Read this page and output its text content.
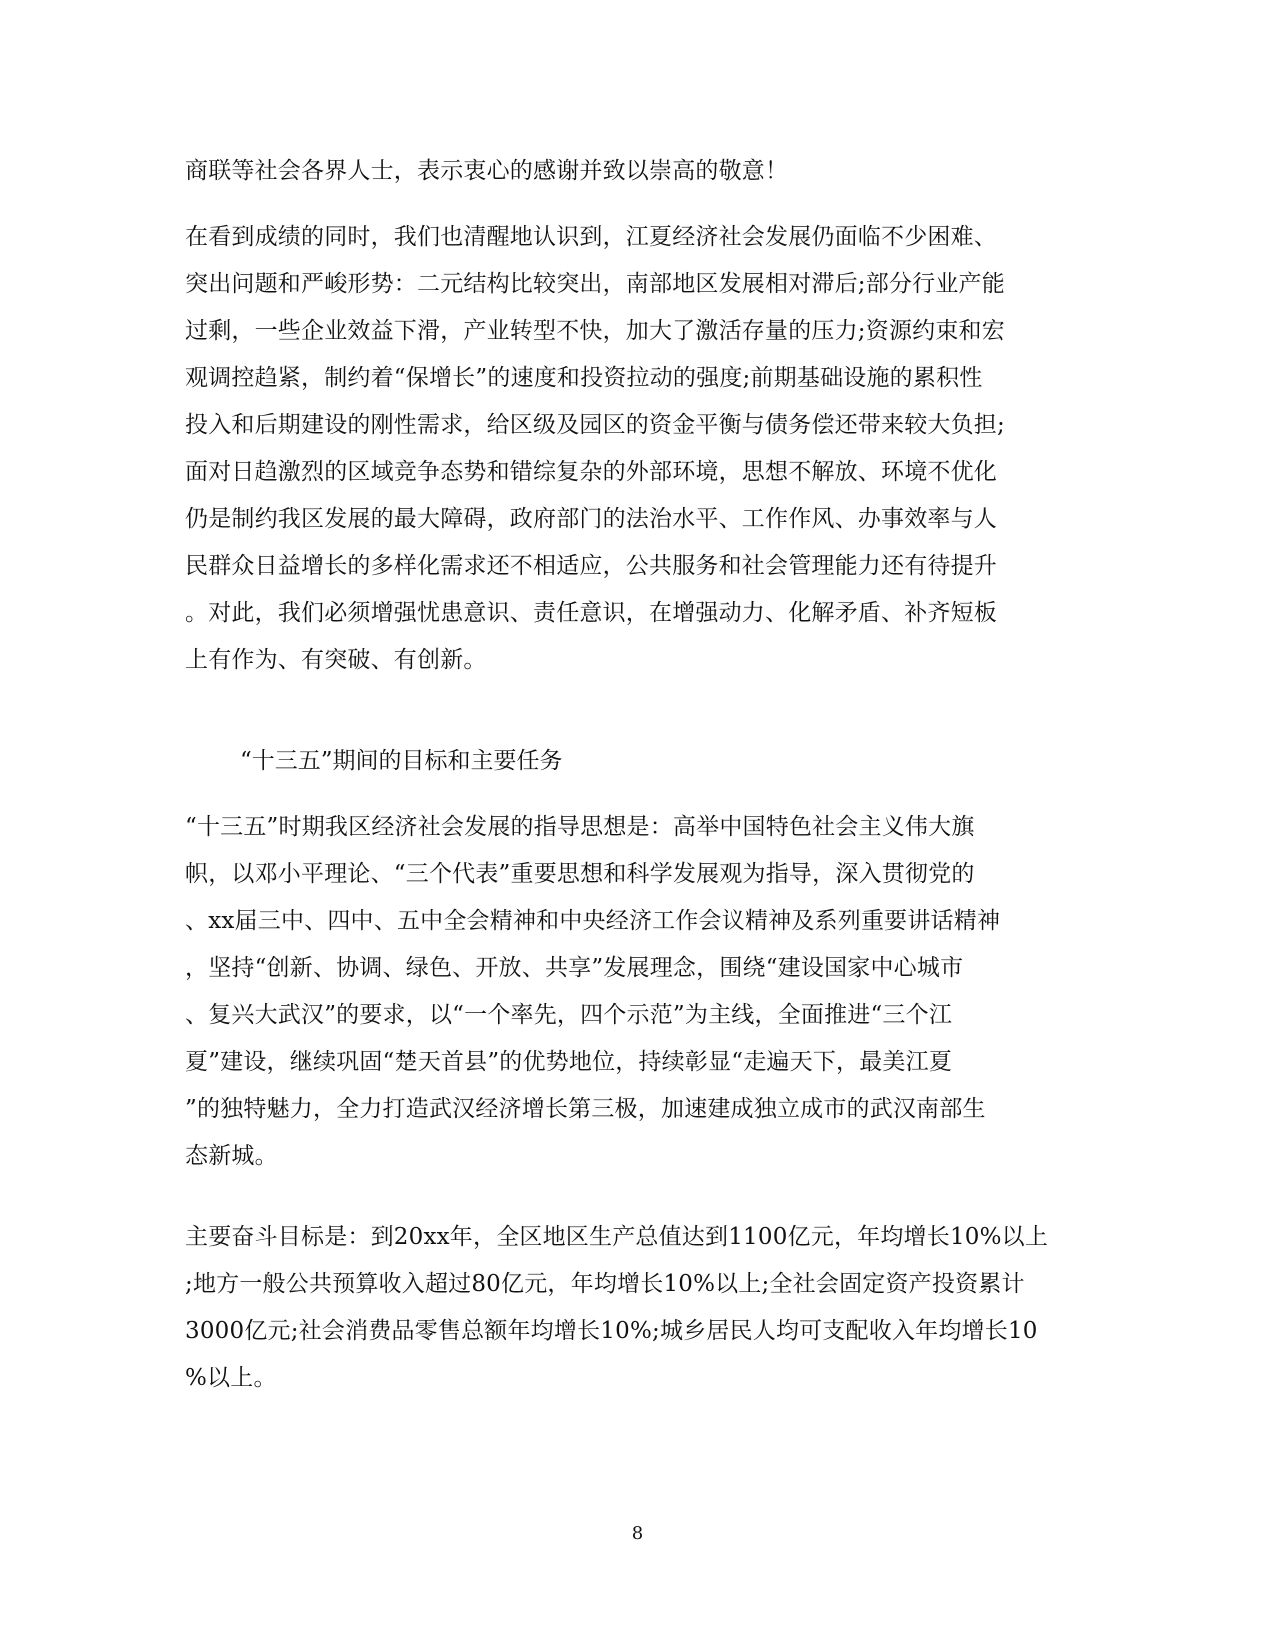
商联等社会各界人士，表示衷心的感谢并致以崇高的敬意！
在看到成绩的同时，我们也清醒地认识到，江夏经济社会发展仍面临不少困难、
突出问题和严峻形势：二元结构比较突出，南部地区发展相对滞后;部分行业产能
过剩，一些企业效益下滑，产业转型不快，加大了激活存量的压力;资源约束和宏
观调控趋紧，制约着“保增长”的速度和投资拉动的强度;前期基础设施的累积性
投入和后期建设的刚性需求，给区级及园区的资金平衡与债务偿还带来较大负担;
面对日趋激烈的区域竞争态势和错综复杂的外部环境，思想不解放、环境不优化
仍是制约我区发展的最大障碍，政府部门的法治水平、工作作风、办事效率与人
民群众日益增长的多样化需求还不相适应，公共服务和社会管理能力还有待提升
。对此，我们必须增强忧患意识、责任意识，在增强动力、化解矛盾、补齐短板
上有作为、有突破、有创新。
“十三五”期间的目标和主要任务
“十三五”时期我区经济社会发展的指导思想是：高举中国特色社会主义伟大旗
帜，以邓小平理论、“三个代表”重要思想和科学发展观为指导，深入贯彻党的
、xx届三中、四中、五中全会精神和中央经济工作会议精神及系列重要讲话精神
，坚持“创新、协调、绿色、开放、共享”发展理念，围绕“建设国家中心城市
、复兴大武汉”的要求，以“一个率先，四个示范”为主线，全面推进“三个江
夏”建设，继续巩固“楚天首县”的优势地位，持续彰显“走遍天下，最美江夏
”的独特魅力，全力打造武汉经济增长第三极，加速建成独立成市的武汉南部生
态新城。
主要奋斗目标是：到20xx年，全区地区生产总值达到1100亿元，年均增长10%以上
;地方一般公共预算收入超过80亿元，年均增长10%以上;全社会固定资产投资累计
3000亿元;社会消费品零售总额年均增长10%;城乡居民人均可支配收入年均增长10
%以上。
8
